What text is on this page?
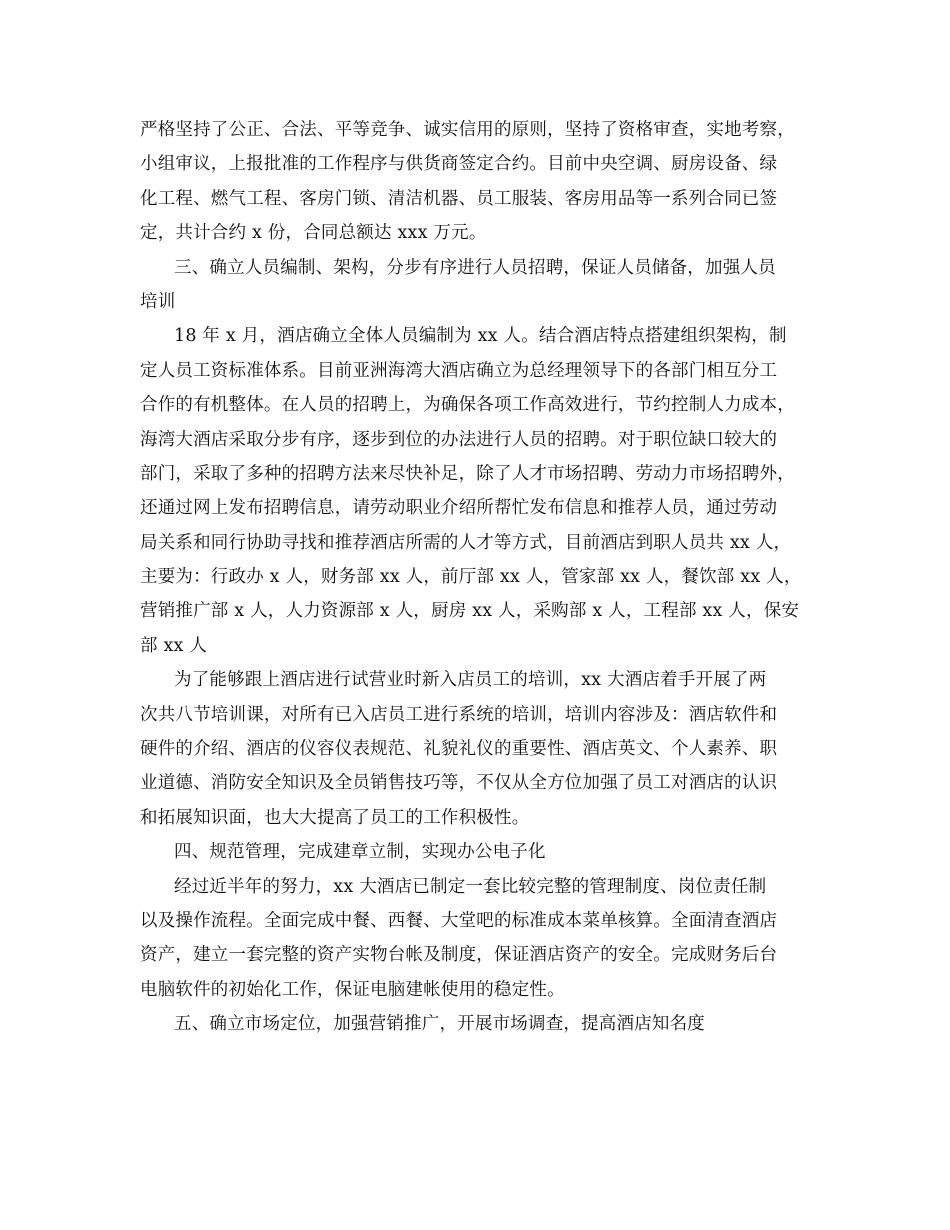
严格坚持了公正、合法、平等竞争、诚实信用的原则，坚持了资格审查，实地考察，
小组审议，上报批准的工作程序与供货商签定合约。目前中央空调、厨房设备、绿
化工程、燃气工程、客房门锁、清洁机器、员工服装、客房用品等一系列合同已签
定，共计合约 x 份，合同总额达 xxx 万元。
三、确立人员编制、架构，分步有序进行人员招聘，保证人员储备，加强人员
培训
18 年 x 月，酒店确立全体人员编制为 xx 人。结合酒店特点搭建组织架构，制
定人员工资标准体系。目前亚洲海湾大酒店确立为总经理领导下的各部门相互分工
合作的有机整体。在人员的招聘上，为确保各项工作高效进行，节约控制人力成本，
海湾大酒店采取分步有序，逐步到位的办法进行人员的招聘。对于职位缺口较大的
部门，采取了多种的招聘方法来尽快补足，除了人才市场招聘、劳动力市场招聘外，
还通过网上发布招聘信息，请劳动职业介绍所帮忙发布信息和推荐人员，通过劳动
局关系和同行协助寻找和推荐酒店所需的人才等方式，目前酒店到职人员共 xx 人，
主要为：行政办 x 人，财务部 xx 人，前厅部 xx 人，管家部 xx 人，餐饮部 xx 人，
营销推广部 x 人，人力资源部 x 人，厨房 xx 人，采购部 x 人，工程部 xx 人，保安
部 xx 人
为了能够跟上酒店进行试营业时新入店员工的培训，xx 大酒店着手开展了两
次共八节培训课，对所有已入店员工进行系统的培训，培训内容涉及：酒店软件和
硬件的介绍、酒店的仪容仪表规范、礼貌礼仪的重要性、酒店英文、个人素养、职
业道德、消防安全知识及全员销售技巧等，不仅从全方位加强了员工对酒店的认识
和拓展知识面，也大大提高了员工的工作积极性。
四、规范管理，完成建章立制，实现办公电子化
经过近半年的努力，xx 大酒店已制定一套比较完整的管理制度、岗位责任制
以及操作流程。全面完成中餐、西餐、大堂吧的标准成本菜单核算。全面清查酒店
资产，建立一套完整的资产实物台帐及制度，保证酒店资产的安全。完成财务后台
电脑软件的初始化工作，保证电脑建帐使用的稳定性。
五、确立市场定位，加强营销推广，开展市场调查，提高酒店知名度
